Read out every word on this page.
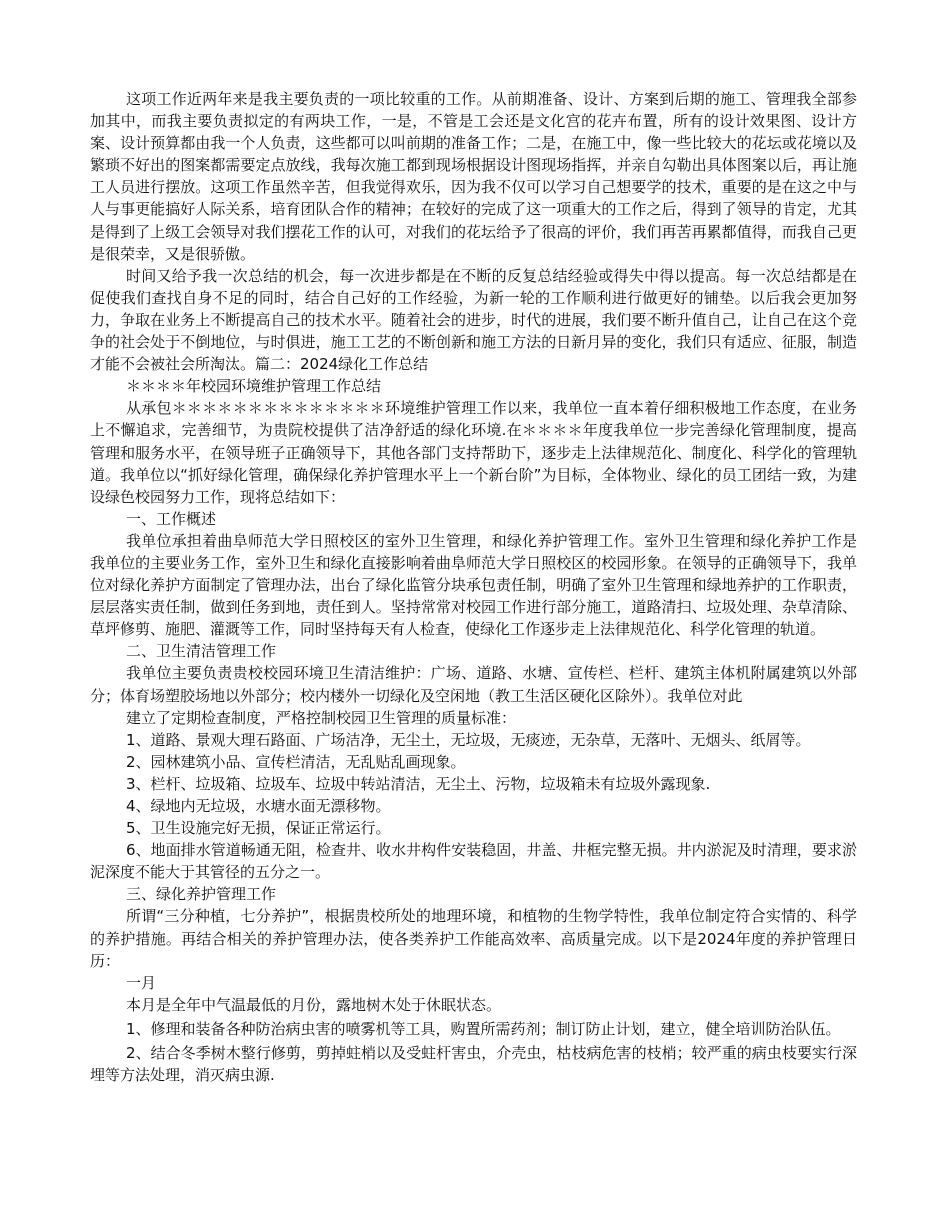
这项工作近两年来是我主要负责的一项比较重的工作。从前期准备、设计、方案到后期的施工、管理我全部参加其中，而我主要负责拟定的有两块工作，一是，不管是工会还是文化宫的花卉布置，所有的设计效果图、设计方案、设计预算都由我一个人负责，这些都可以叫前期的准备工作；二是，在施工中，像一些比较大的花坛或花境以及繁琐不好出的图案都需要定点放线，我每次施工都到现场根据设计图现场指挥，并亲自勾勒出具体图案以后，再让施工人员进行摆放。这项工作虽然辛苦，但我觉得欢乐，因为我不仅可以学习自己想要学的技术，重要的是在这之中与人与事更能搞好人际关系，培育团队合作的精神；在较好的完成了这一项重大的工作之后，得到了领导的肯定，尤其是得到了上级工会领导对我们摆花工作的认可，对我们的花坛给予了很高的评价，我们再苦再累都值得，而我自己更是很荣幸，又是很骄傲。

时间又给予我一次总结的机会，每一次进步都是在不断的反复总结经验或得失中得以提高。每一次总结都是在促使我们查找自身不足的同时，结合自己好的工作经验，为新一轮的工作顺利进行做更好的铺垫。以后我会更加努力，争取在业务上不断提高自己的技术水平。随着社会的进步，时代的进展，我们要不断升值自己，让自己在这个竞争的社会处于不倒地位，与时俱进，施工工艺的不断创新和施工方法的日新月异的变化，我们只有适应、征服，制造才能不会被社会所淘汰。篇二：2024绿化工作总结

＊＊＊＊年校园环境维护管理工作总结

从承包＊＊＊＊＊＊＊＊＊＊＊＊＊＊环境维护管理工作以来，我单位一直本着仔细积极地工作态度，在业务上不懈追求，完善细节，为贵院校提供了洁净舒适的绿化环境.在＊＊＊＊年度我单位一步完善绿化管理制度，提高管理和服务水平，在领导班子正确领导下，其他各部门支持帮助下，逐步走上法律规范化、制度化、科学化的管理轨道。我单位以“抓好绿化管理，确保绿化养护管理水平上一个新台阶”为目标，全体物业、绿化的员工团结一致，为建设绿色校园努力工作，现将总结如下：

一、工作概述

我单位承担着曲阜师范大学日照校区的室外卫生管理，和绿化养护管理工作。室外卫生管理和绿化养护工作是我单位的主要业务工作，室外卫生和绿化直接影响着曲阜师范大学日照校区的校园形象。在领导的正确领导下，我单位对绿化养护方面制定了管理办法，出台了绿化监管分块承包责任制，明确了室外卫生管理和绿地养护的工作职责，层层落实责任制，做到任务到地，责任到人。坚持常常对校园工作进行部分施工，道路清扫、垃圾处理、杂草清除、草坪修剪、施肥、灌溉等工作，同时坚持每天有人检查，使绿化工作逐步走上法律规范化、科学化管理的轨道。

二、卫生清洁管理工作

我单位主要负责贵校校园环境卫生清洁维护：广场、道路、水塘、宣传栏、栏杆、建筑主体机附属建筑以外部分；体育场塑胶场地以外部分；校内楼外一切绿化及空闲地（教工生活区硬化区除外）。我单位对此

建立了定期检查制度，严格控制校园卫生管理的质量标准：

1、道路、景观大理石路面、广场洁净，无尘土，无垃圾，无痰迹，无杂草，无落叶、无烟头、纸屑等。

2、园林建筑小品、宣传栏清洁，无乱贴乱画现象。

3、栏杆、垃圾箱、垃圾车、垃圾中转站清洁，无尘土、污物，垃圾箱未有垃圾外露现象.

4、绿地内无垃圾，水塘水面无漂移物。

5、卫生设施完好无损，保证正常运行。

6、地面排水管道畅通无阻，检查井、收水井构件安装稳固，井盖、井框完整无损。井内淤泥及时清理，要求淤泥深度不能大于其管径的五分之一。

三、绿化养护管理工作

所谓“三分种植，七分养护”，根据贵校所处的地理环境，和植物的生物学特性，我单位制定符合实情的、科学的养护措施。再结合相关的养护管理办法，使各类养护工作能高效率、高质量完成。以下是2024年度的养护管理日历：

一月

本月是全年中气温最低的月份，露地树木处于休眠状态。

1、修理和装备各种防治病虫害的喷雾机等工具，购置所需药剂；制订防止计划，建立，健全培训防治队伍。

2、结合冬季树木整行修剪，剪掉蛀梢以及受蛀杆害虫，介壳虫，枯枝病危害的枝梢；较严重的病虫枝要实行深埋等方法处理，消灭病虫源.
